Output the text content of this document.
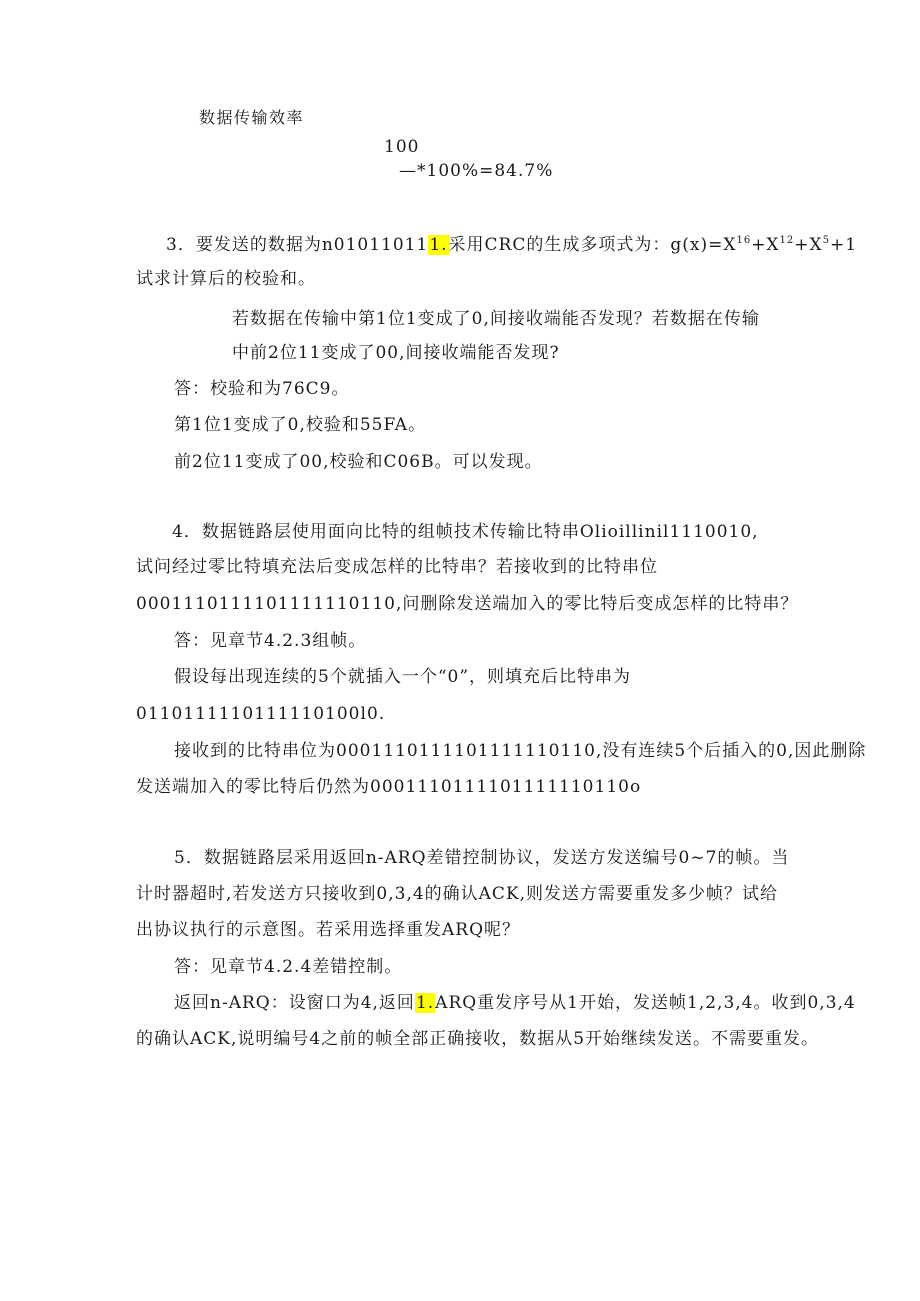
数据传输效率
100
—*100%=84.7%
3．要发送的数据为n010110111.采用CRC的生成多项式为：$g(x)=X^{16}+X^{12}+X^5+1$
试求计算后的校验和。
若数据在传输中第1位1变成了0,间接收端能否发现？若数据在传输
中前2位11变成了00,间接收端能否发现?
答：校验和为76C9。
第1位1变成了0,校验和55FA。
前2位11变成了00,校验和C06B。可以发现。
4．数据链路层使用面向比特的组帧技术传输比特串Olioillinil1110010,
试问经过零比特填充法后变成怎样的比特串？若接收到的比特串位
0001110111101111110110,问删除发送端加入的零比特后变成怎样的比特串？
答：见章节4.2.3组帧。
假设每出现连续的5个就插入一个“0”，则填充后比特串为
0110111110111110100l0.
接收到的比特串位为0001110111101111110110,没有连续5个后插入的0,因此删除
发送端加入的零比特后仍然为0001110111101111110110o
5．数据链路层采用返回n-ARQ差错控制协议，发送方发送编号0~7的帧。当
计时器超时,若发送方只接收到0,3,4的确认ACK,则发送方需要重发多少帧？试给
出协议执行的示意图。若采用选择重发ARQ呢？
答：见章节4.2.4差错控制。
返回n-ARQ：设窗口为4,返回1.ARQ重发序号从1开始，发送帧1,2,3,4。收到0,3,4
的确认ACK,说明编号4之前的帧全部正确接收，数据从5开始继续发送。不需要重发。
